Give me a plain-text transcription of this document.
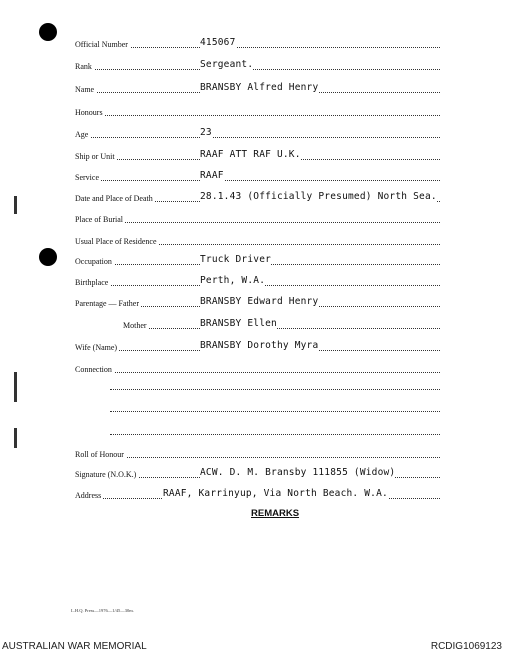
Official Number	415067
Rank	Sergeant.
Name	BRANSBY Alfred Henry
Honours
Age	23
Ship or Unit	RAAF ATT RAF U.K.
Service	RAAF
Date and Place of Death	28.1.43 (Officially Presumed) North Sea.
Place of Burial
Usual Place of Residence
Occupation	Truck Driver
Birthplace	Perth, W.A.
Parentage — Father	BRANSBY Edward Henry
Mother	BRANSBY Ellen
Wife (Name)	BRANSBY Dorothy Myra
Connection
Roll of Honour
Signature (N.O.K.)	ACW. D. M. Bransby 111855 (Widow)
Address	RAAF, Karrinyup, Via North Beach. W.A.
REMARKS
L.H.Q. Press—1976—1/45—30m.
AUSTRALIAN WAR MEMORIAL	RCDIG1069123
